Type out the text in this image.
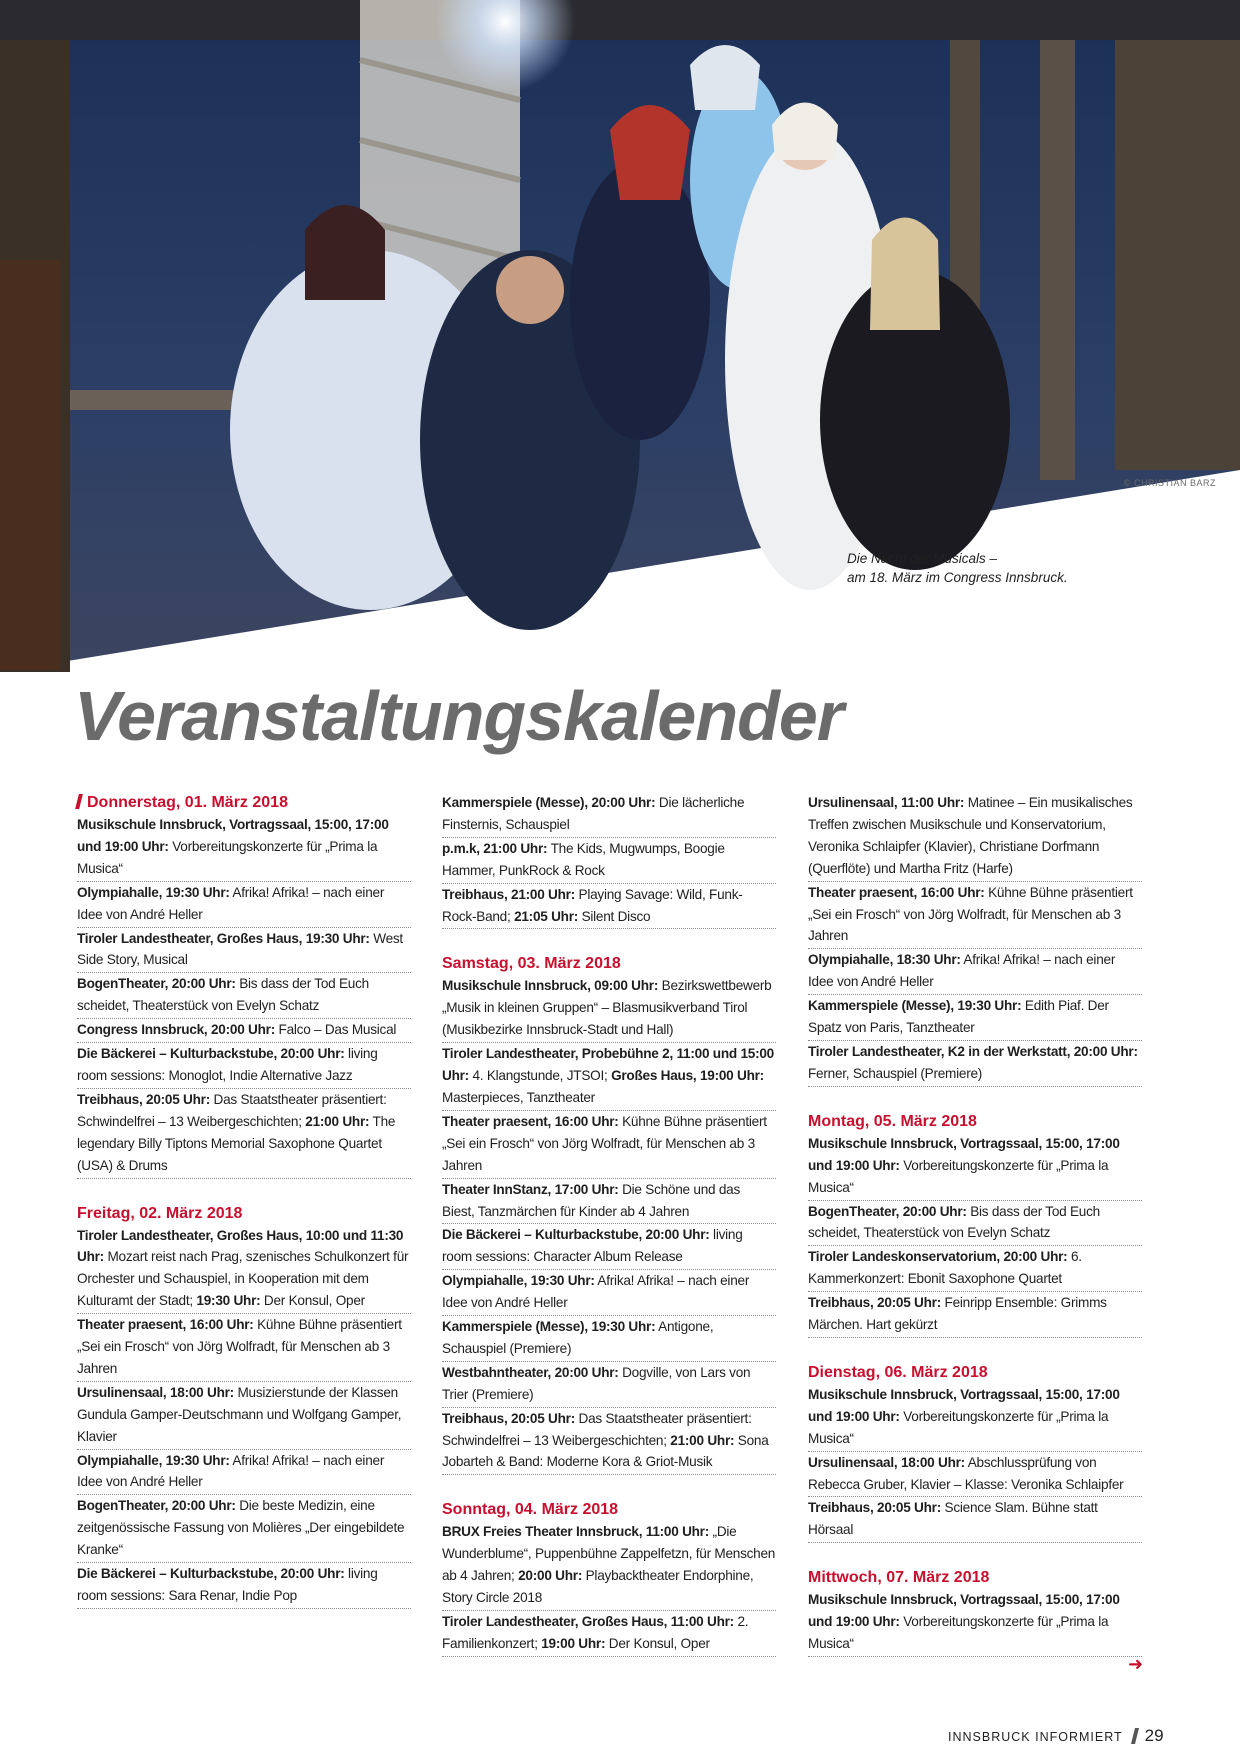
© CHRISTIAN BARZ
Die Nacht der Musicals –
am 18. März im Congress Innsbruck.
Veranstaltungskalender
Donnerstag, 01. März 2018

Musikschule Innsbruck, Vortragssaal, 15:00, 17:00 und 19:00 Uhr: Vorbereitungskonzerte für „Prima la Musica“

Olympiahalle, 19:30 Uhr: Afrika! Afrika! – nach einer Idee von André Heller

Tiroler Landestheater, Großes Haus, 19:30 Uhr: West Side Story, Musical

BogenTheater, 20:00 Uhr: Bis dass der Tod Euch scheidet, Theaterstück von Evelyn Schatz

Congress Innsbruck, 20:00 Uhr: Falco – Das Musical

Die Bäckerei – Kulturbackstube, 20:00 Uhr: living room sessions: Monoglot, Indie Alternative Jazz

Treibhaus, 20:05 Uhr: Das Staatstheater präsentiert: Schwindelfrei – 13 Weibergeschichten; 21:00 Uhr: The legendary Billy Tiptons Memorial Saxophone Quartet (USA) & Drums

Freitag, 02. März 2018

Tiroler Landestheater, Großes Haus, 10:00 und 11:30 Uhr: Mozart reist nach Prag, szenisches Schulkonzert für Orchester und Schauspiel, in Kooperation mit dem Kulturamt der Stadt; 19:30 Uhr: Der Konsul, Oper

Theater praesent, 16:00 Uhr: Kühne Bühne präsentiert „Sei ein Frosch“ von Jörg Wolfradt, für Menschen ab 3 Jahren

Ursulinensaal, 18:00 Uhr: Musizierstunde der Klassen Gundula Gamper-Deutschmann und Wolfgang Gamper, Klavier

Olympiahalle, 19:30 Uhr: Afrika! Afrika! – nach einer Idee von André Heller

BogenTheater, 20:00 Uhr: Die beste Medizin, eine zeitgenössische Fassung von Molières „Der eingebildete Kranke“

Die Bäckerei – Kulturbackstube, 20:00 Uhr: living room sessions: Sara Renar, Indie Pop

Kammerspiele (Messe), 20:00 Uhr: Die lächerliche Finsternis, Schauspiel

p.m.k, 21:00 Uhr: The Kids, Mugwumps, Boogie Hammer, PunkRock & Rock

Treibhaus, 21:00 Uhr: Playing Savage: Wild, Funk-Rock-Band; 21:05 Uhr: Silent Disco

Samstag, 03. März 2018

Musikschule Innsbruck, 09:00 Uhr: Bezirkswettbewerb „Musik in kleinen Gruppen“ – Blasmusikverband Tirol (Musikbezirke Innsbruck-Stadt und Hall)

Tiroler Landestheater, Probebühne 2, 11:00 und 15:00 Uhr: 4. Klangstunde, JTSOI; Großes Haus, 19:00 Uhr: Masterpieces, Tanztheater

Theater praesent, 16:00 Uhr: Kühne Bühne präsentiert „Sei ein Frosch“ von Jörg Wolfradt, für Menschen ab 3 Jahren

Theater InnStanz, 17:00 Uhr: Die Schöne und das Biest, Tanzmärchen für Kinder ab 4 Jahren

Die Bäckerei – Kulturbackstube, 20:00 Uhr: living room sessions: Character Album Release

Olympiahalle, 19:30 Uhr: Afrika! Afrika! – nach einer Idee von André Heller

Kammerspiele (Messe), 19:30 Uhr: Antigone, Schauspiel (Premiere)

Westbahntheater, 20:00 Uhr: Dogville, von Lars von Trier (Premiere)

Treibhaus, 20:05 Uhr: Das Staatstheater präsentiert: Schwindelfrei – 13 Weibergeschichten; 21:00 Uhr: Sona Jobarteh & Band: Moderne Kora & Griot-Musik

Sonntag, 04. März 2018

BRUX Freies Theater Innsbruck, 11:00 Uhr: „Die Wunderblume“, Puppenbühne Zappelfetzn, für Menschen ab 4 Jahren; 20:00 Uhr: Playbacktheater Endorphine, Story Circle 2018

Tiroler Landestheater, Großes Haus, 11:00 Uhr: 2. Familienkonzert; 19:00 Uhr: Der Konsul, Oper

Ursulinensaal, 11:00 Uhr: Matinee – Ein musikalisches Treffen zwischen Musikschule und Konservatorium, Veronika Schlaipfer (Klavier), Christiane Dorfmann (Querflöte) und Martha Fritz (Harfe)

Theater praesent, 16:00 Uhr: Kühne Bühne präsentiert „Sei ein Frosch“ von Jörg Wolfradt, für Menschen ab 3 Jahren

Olympiahalle, 18:30 Uhr: Afrika! Afrika! – nach einer Idee von André Heller

Kammerspiele (Messe), 19:30 Uhr: Edith Piaf. Der Spatz von Paris, Tanztheater

Tiroler Landestheater, K2 in der Werkstatt, 20:00 Uhr: Ferner, Schauspiel (Premiere)

Montag, 05. März 2018

Musikschule Innsbruck, Vortragssaal, 15:00, 17:00 und 19:00 Uhr: Vorbereitungskonzerte für „Prima la Musica“

BogenTheater, 20:00 Uhr: Bis dass der Tod Euch scheidet, Theaterstück von Evelyn Schatz

Tiroler Landeskonservatorium, 20:00 Uhr: 6. Kammerkonzert: Ebonit Saxophone Quartet

Treibhaus, 20:05 Uhr: Feinripp Ensemble: Grimms Märchen. Hart gekürzt

Dienstag, 06. März 2018

Musikschule Innsbruck, Vortragssaal, 15:00, 17:00 und 19:00 Uhr: Vorbereitungskonzerte für „Prima la Musica“

Ursulinensaal, 18:00 Uhr: Abschlussprüfung von Rebecca Gruber, Klavier – Klasse: Veronika Schlaipfer

Treibhaus, 20:05 Uhr: Science Slam. Bühne statt Hörsaal

Mittwoch, 07. März 2018

Musikschule Innsbruck, Vortragssaal, 15:00, 17:00 und 19:00 Uhr: Vorbereitungskonzerte für „Prima la Musica“

➜
INNSBRUCK INFORMIERT 29
